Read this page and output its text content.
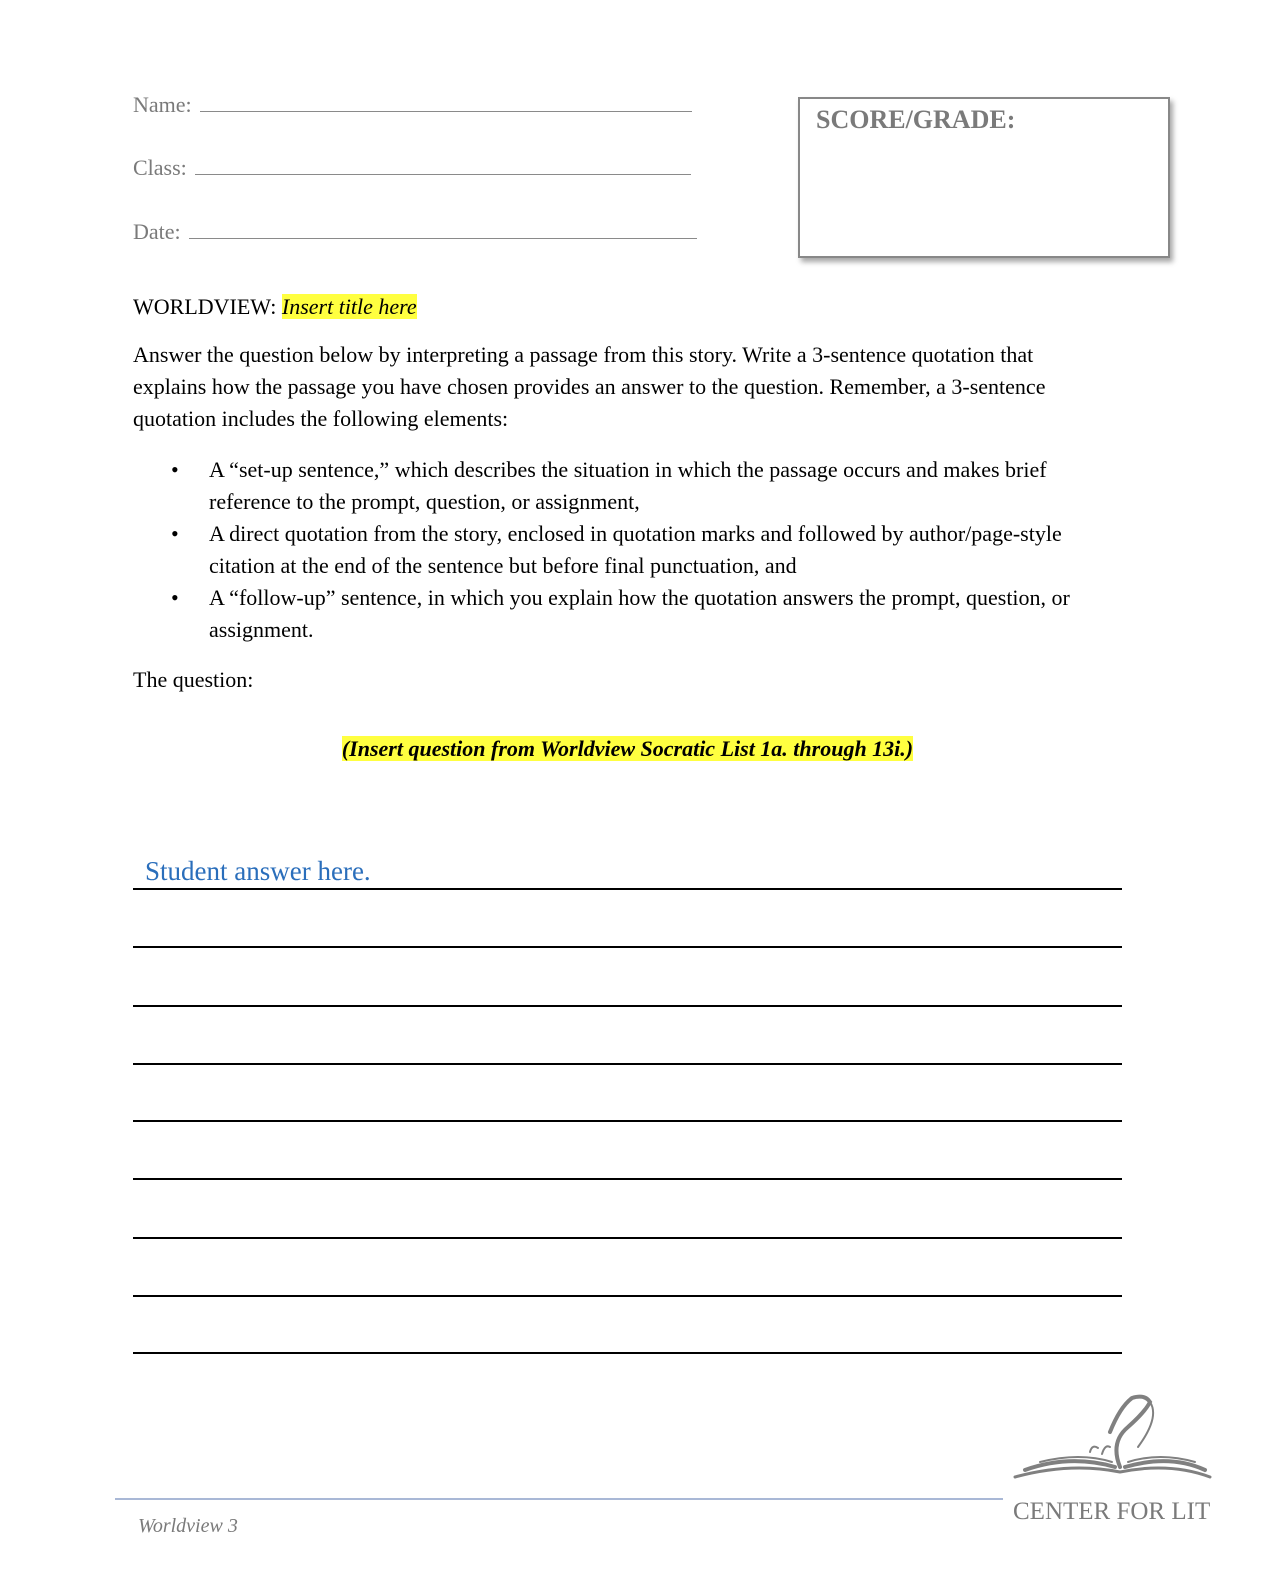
Name:
Class:
Date:
SCORE/GRADE:
WORLDVIEW: Insert title here
Answer the question below by interpreting a passage from this story. Write a 3-sentence quotation that explains how the passage you have chosen provides an answer to the question. Remember, a 3-sentence quotation includes the following elements:
• A “set-up sentence,” which describes the situation in which the passage occurs and makes brief reference to the prompt, question, or assignment,
• A direct quotation from the story, enclosed in quotation marks and followed by author/page-style citation at the end of the sentence but before final punctuation, and
• A “follow-up” sentence, in which you explain how the quotation answers the prompt, question, or assignment.
The question:
(Insert question from Worldview Socratic List 1a. through 13i.)
Student answer here.
Worldview 3
CENTER FOR LIT
